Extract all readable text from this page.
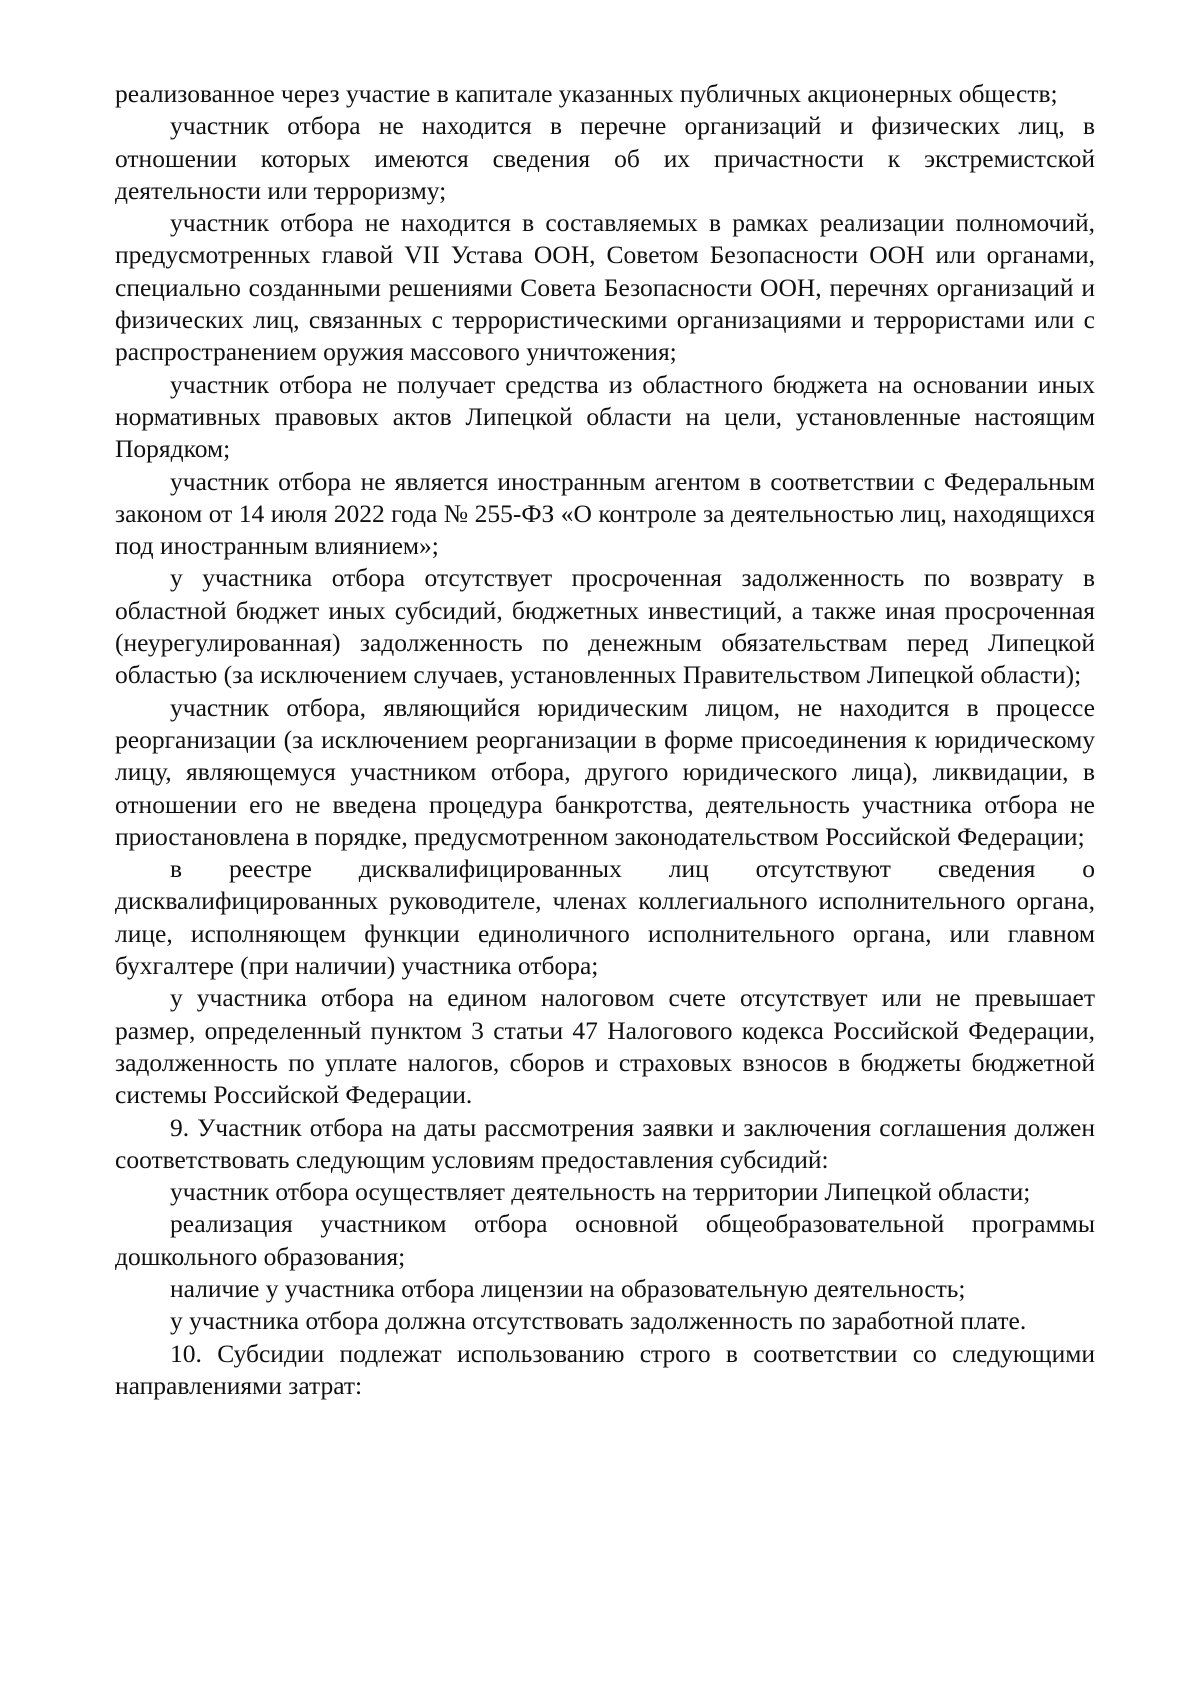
реализованное через участие в капитале указанных публичных акционерных обществ;

участник отбора не находится в перечне организаций и физических лиц, в отношении которых имеются сведения об их причастности к экстремистской деятельности или терроризму;

участник отбора не находится в составляемых в рамках реализации полномочий, предусмотренных главой VII Устава ООН, Советом Безопасности ООН или органами, специально созданными решениями Совета Безопасности ООН, перечнях организаций и физических лиц, связанных с террористическими организациями и террористами или с распространением оружия массового уничтожения;

участник отбора не получает средства из областного бюджета на основании иных нормативных правовых актов Липецкой области на цели, установленные настоящим Порядком;

участник отбора не является иностранным агентом в соответствии с Федеральным законом от 14 июля 2022 года № 255-ФЗ «О контроле за деятельностью лиц, находящихся под иностранным влиянием»;

у участника отбора отсутствует просроченная задолженность по возврату в областной бюджет иных субсидий, бюджетных инвестиций, а также иная просроченная (неурегулированная) задолженность по денежным обязательствам перед Липецкой областью (за исключением случаев, установленных Правительством Липецкой области);

участник отбора, являющийся юридическим лицом, не находится в процессе реорганизации (за исключением реорганизации в форме присоединения к юридическому лицу, являющемуся участником отбора, другого юридического лица), ликвидации, в отношении его не введена процедура банкротства, деятельность участника отбора не приостановлена в порядке, предусмотренном законодательством Российской Федерации;

в реестре дисквалифицированных лиц отсутствуют сведения о дисквалифицированных руководителе, членах коллегиального исполнительного органа, лице, исполняющем функции единоличного исполнительного органа, или главном бухгалтере (при наличии) участника отбора;

у участника отбора на едином налоговом счете отсутствует или не превышает размер, определенный пунктом 3 статьи 47 Налогового кодекса Российской Федерации, задолженность по уплате налогов, сборов и страховых взносов в бюджеты бюджетной системы Российской Федерации.

9. Участник отбора на даты рассмотрения заявки и заключения соглашения должен соответствовать следующим условиям предоставления субсидий:

участник отбора осуществляет деятельность на территории Липецкой области;

реализация участником отбора основной общеобразовательной программы дошкольного образования;

наличие у участника отбора лицензии на образовательную деятельность;

у участника отбора должна отсутствовать задолженность по заработной плате.

10. Субсидии подлежат использованию строго в соответствии со следующими направлениями затрат:
